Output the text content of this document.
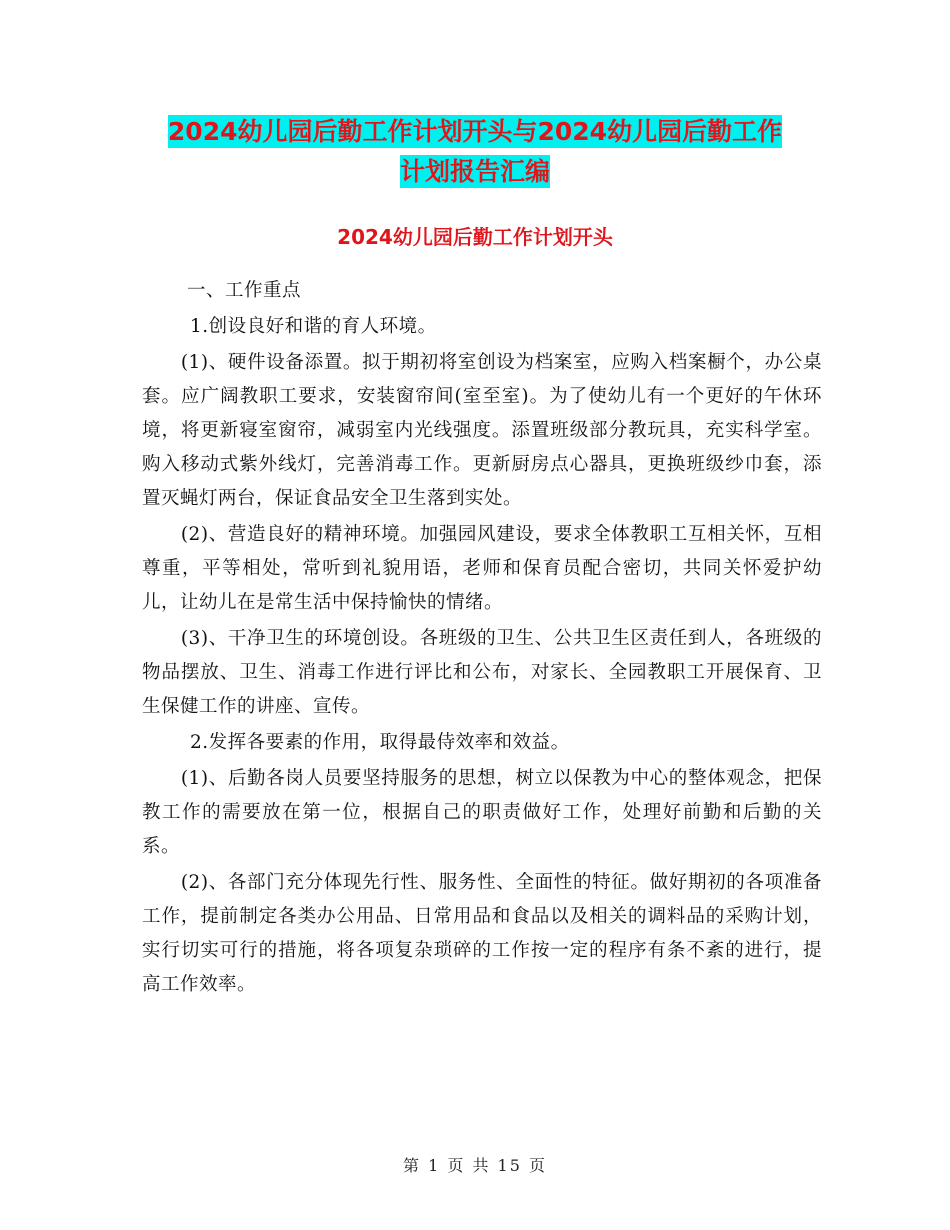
2024幼儿园后勤工作计划开头与2024幼儿园后勤工作
计划报告汇编
2024幼儿园后勤工作计划开头

一、工作重点

1.创设良好和谐的育人环境。

(1)、硬件设备添置。拟于期初将室创设为档案室，应购入档案橱个，办公桌套。应广阔教职工要求，安装窗帘间(室至室)。为了使幼儿有一个更好的午休环境，将更新寝室窗帘，减弱室内光线强度。添置班级部分教玩具，充实科学室。购入移动式紫外线灯，完善消毒工作。更新厨房点心器具，更换班级纱巾套，添置灭蝇灯两台，保证食品安全卫生落到实处。

(2)、营造良好的精神环境。加强园风建设，要求全体教职工互相关怀，互相尊重，平等相处，常听到礼貌用语，老师和保育员配合密切，共同关怀爱护幼儿，让幼儿在是常生活中保持愉快的情绪。

(3)、干净卫生的环境创设。各班级的卫生、公共卫生区责任到人，各班级的物品摆放、卫生、消毒工作进行评比和公布，对家长、全园教职工开展保育、卫生保健工作的讲座、宣传。

2.发挥各要素的作用，取得最侍效率和效益。

(1)、后勤各岗人员要坚持服务的思想，树立以保教为中心的整体观念，把保教工作的需要放在第一位，根据自己的职责做好工作，处理好前勤和后勤的关系。

(2)、各部门充分体现先行性、服务性、全面性的特征。做好期初的各项准备工作，提前制定各类办公用品、日常用品和食品以及相关的调料品的采购计划，实行切实可行的措施，将各项复杂琐碎的工作按一定的程序有条不紊的进行，提高工作效率。

第 1 页 共 15 页
